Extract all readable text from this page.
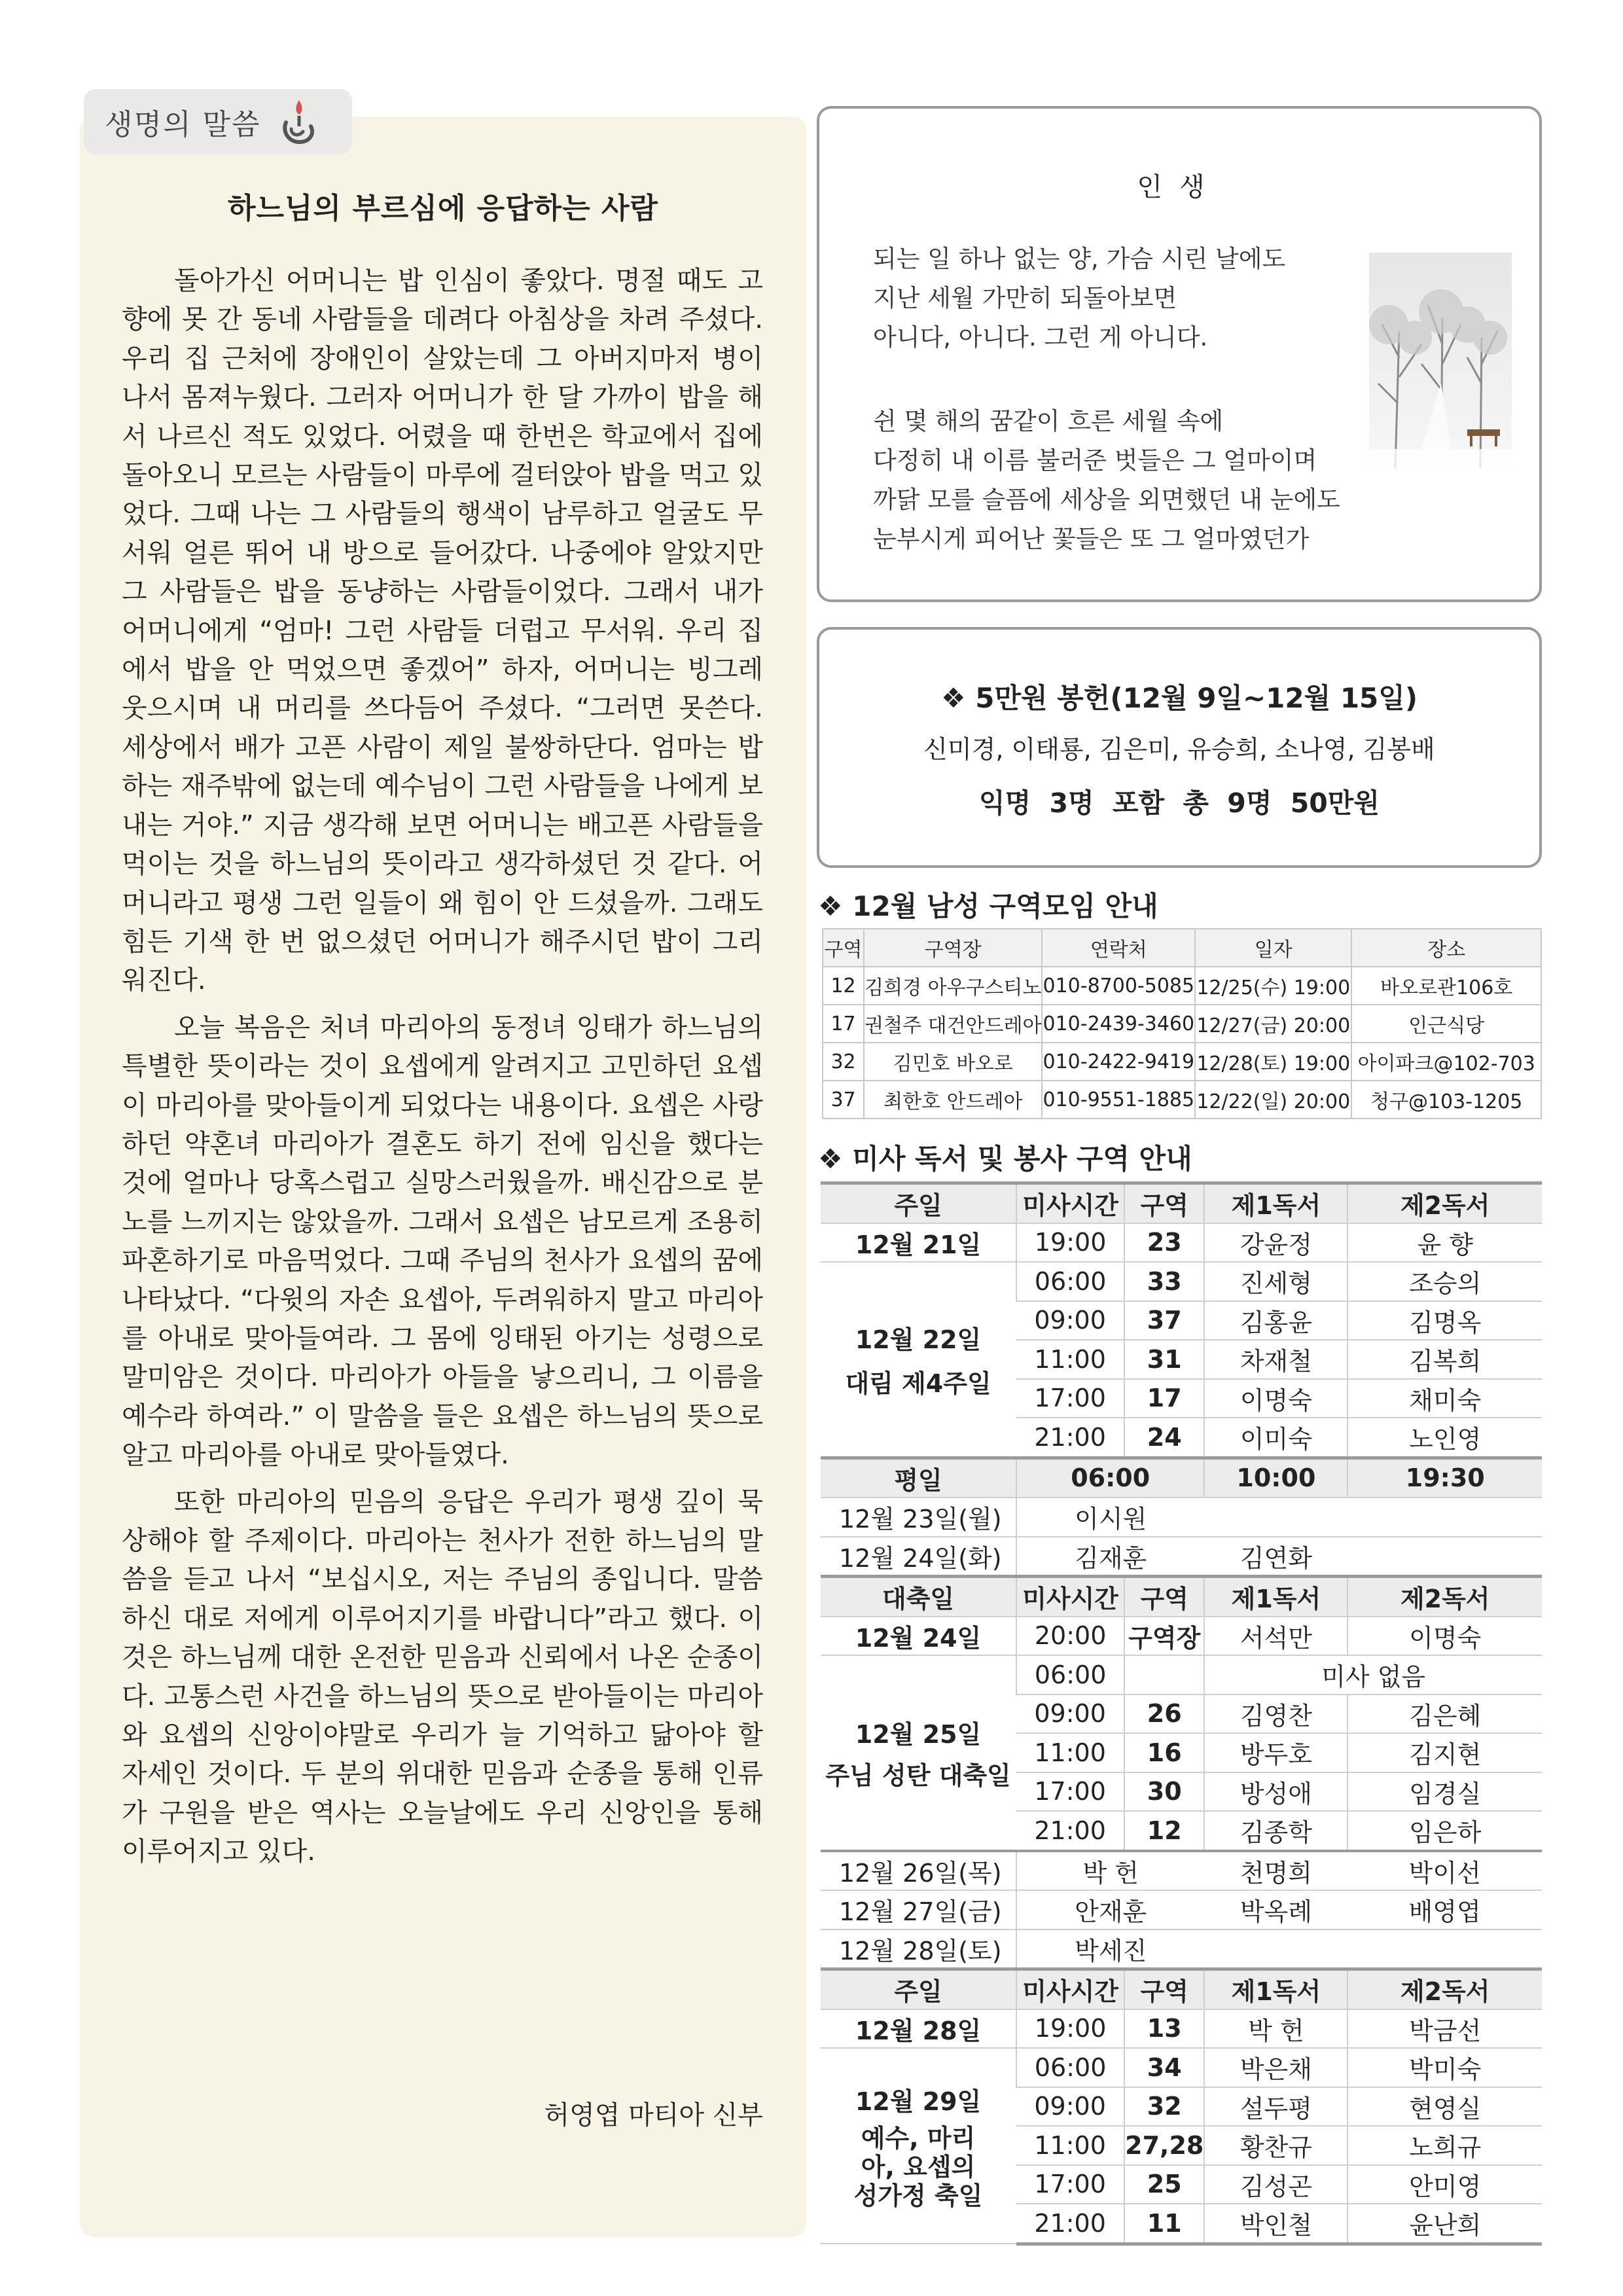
생명의 말씀
하느님의 부르심에 응답하는 사람

돌아가신 어머니는 밥 인심이 좋았다. 명절 때도 고향에 못 간 동네 사람들을 데려다 아침상을 차려 주셨다. 우리 집 근처에 장애인이 살았는데 그 아버지마저 병이 나서 몸져누웠다. 그러자 어머니가 한 달 가까이 밥을 해서 나르신 적도 있었다. 어렸을 때 한번은 학교에서 집에 돌아오니 모르는 사람들이 마루에 걸터앉아 밥을 먹고 있었다. 그때 나는 그 사람들의 행색이 남루하고 얼굴도 무서워 얼른 뛰어 내 방으로 들어갔다. 나중에야 알았지만 그 사람들은 밥을 동냥하는 사람들이었다. 그래서 내가 어머니에게 “엄마! 그런 사람들 더럽고 무서워. 우리 집에서 밥을 안 먹었으면 좋겠어” 하자, 어머니는 빙그레 웃으시며 내 머리를 쓰다듬어 주셨다. “그러면 못쓴다. 세상에서 배가 고픈 사람이 제일 불쌍하단다. 엄마는 밥하는 재주밖에 없는데 예수님이 그런 사람들을 나에게 보내는 거야.” 지금 생각해 보면 어머니는 배고픈 사람들을 먹이는 것을 하느님의 뜻이라고 생각하셨던 것 같다. 어머니라고 평생 그런 일들이 왜 힘이 안 드셨을까. 그래도 힘든 기색 한 번 없으셨던 어머니가 해주시던 밥이 그리워진다.

오늘 복음은 처녀 마리아의 동정녀 잉태가 하느님의 특별한 뜻이라는 것이 요셉에게 알려지고 고민하던 요셉이 마리아를 맞아들이게 되었다는 내용이다. 요셉은 사랑하던 약혼녀 마리아가 결혼도 하기 전에 임신을 했다는 것에 얼마나 당혹스럽고 실망스러웠을까. 배신감으로 분노를 느끼지는 않았을까. 그래서 요셉은 남모르게 조용히 파혼하기로 마음먹었다. 그때 주님의 천사가 요셉의 꿈에 나타났다. “다윗의 자손 요셉아, 두려워하지 말고 마리아를 아내로 맞아들여라. 그 몸에 잉태된 아기는 성령으로 말미암은 것이다. 마리아가 아들을 낳으리니, 그 이름을 예수라 하여라.” 이 말씀을 들은 요셉은 하느님의 뜻으로 알고 마리아를 아내로 맞아들였다.

또한 마리아의 믿음의 응답은 우리가 평생 깊이 묵상해야 할 주제이다. 마리아는 천사가 전한 하느님의 말씀을 듣고 나서 “보십시오, 저는 주님의 종입니다. 말씀하신 대로 저에게 이루어지기를 바랍니다”라고 했다. 이것은 하느님께 대한 온전한 믿음과 신뢰에서 나온 순종이다. 고통스런 사건을 하느님의 뜻으로 받아들이는 마리아와 요셉의 신앙이야말로 우리가 늘 기억하고 닮아야 할 자세인 것이다. 두 분의 위대한 믿음과 순종을 통해 인류가 구원을 받은 역사는 오늘날에도 우리 신앙인을 통해 이루어지고 있다.

허영엽 마티아 신부
인생
되는 일 하나 없는 양, 가슴 시린 날에도
지난 세월 가만히 되돌아보면
아니다, 아니다. 그런 게 아니다.
쉰 몇 해의 꿈같이 흐른 세월 속에
다정히 내 이름 불러준 벗들은 그 얼마이며
까닭 모를 슬픔에 세상을 외면했던 내 눈에도
눈부시게 피어난 꽃들은 또 그 얼마였던가
❖ 5만원 봉헌(12월 9일~12월 15일)
신미경, 이태룡, 김은미, 유승희, 소나영, 김봉배
익명 3명 포함 총 9명 50만원
❖ 12월 남성 구역모임 안내
구역	구역장	연락처	일자	장소
12	김희경 아우구스티노	010-8700-5085	12/25(수) 19:00	바오로관106호
17	권철주 대건안드레아	010-2439-3460	12/27(금) 20:00	인근식당
32	김민호 바오로	010-2422-9419	12/28(토) 19:00	아이파크@102-703
37	최한호 안드레아	010-9551-1885	12/22(일) 20:00	청구@103-1205
❖ 미사 독서 및 봉사 구역 안내
주일	미사시간	구역	제1독서	제2독서
12월 21일	19:00	23	강윤정	윤 향

12월 22일
대림 제4주일	06:00	33	진세형	조승의
	09:00	37	김홍윤	김명옥
	11:00	31	차재철	김복희
	17:00	17	이명숙	채미숙
	21:00	24	이미숙	노인영
평일	06:00		10:00	19:30
12월 23일(월)	이시원			
12월 24일(화)	김재훈		김연화	
대축일	미사시간	구역	제1독서	제2독서
12월 24일	20:00	구역장	서석만	이명숙

12월 25일
주님 성탄 대축일	06:00		미사 없음	
	09:00	26	김영찬	김은혜
	11:00	16	방두호	김지현
	17:00	30	방성애	임경실
	21:00	12	김종학	임은하
12월 26일(목)	박 헌		천명희	박이선
12월 27일(금)	안재훈		박옥례	배영엽
12월 28일(토)	박세진			
주일	미사시간	구역	제1독서	제2독서
12월 28일	19:00	13	박 헌	박금선

12월 29일
예수, 마리아, 요셉의 성가정 축일	06:00	34	박은채	박미숙
	09:00	32	설두평	현영실
	11:00	27,28	황찬규	노희규
	17:00	25	김성곤	안미영
	21:00	11	박인철	윤난희
